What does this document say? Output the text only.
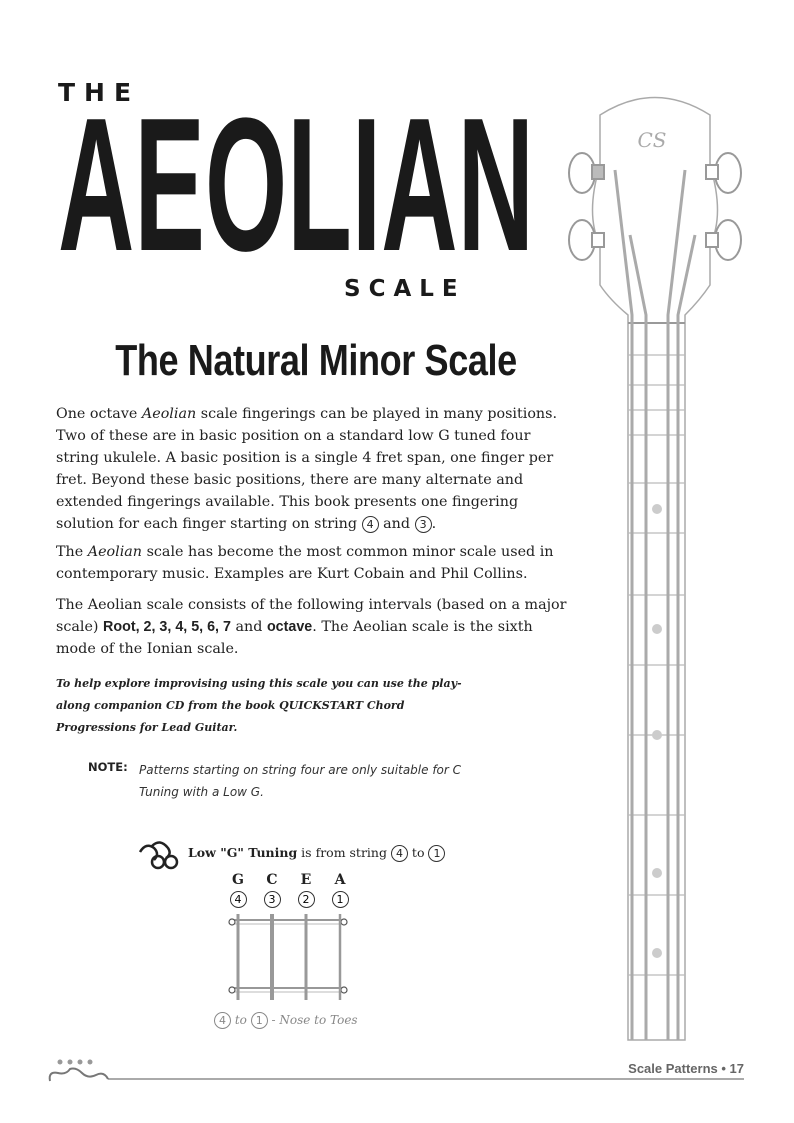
THE
AEOLIAN
SCALE
The Natural Minor Scale

One octave Aeolian scale fingerings can be played in many positions. Two of these are in basic position on a standard low G tuned four string ukulele. A basic position is a single 4 fret span, one finger per fret. Beyond these basic positions, there are many alternate and extended fingerings available. This book presents one fingering solution for each finger starting on string 4 and 3 .

The Aeolian scale has become the most common minor scale used in contemporary music. Examples are Kurt Cobain and Phil Collins.

The Aeolian scale consists of the following intervals (based on a major scale) Root, 2, 3, 4, 5, 6, 7 and octave. The Aeolian scale is the sixth mode of the Ionian scale.

To help explore improvising using this scale you can use the play-along companion CD from the book QUICKSTART Chord Progressions for Lead Guitar.

NOTE: Patterns starting on string four are only suitable for C Tuning with a Low G.
Low "G" Tuning is from string 4 to 1
G	C	E	A
4	3	2	1
4 to 1 - Nose to Toes
CS
Scale Patterns • 17
